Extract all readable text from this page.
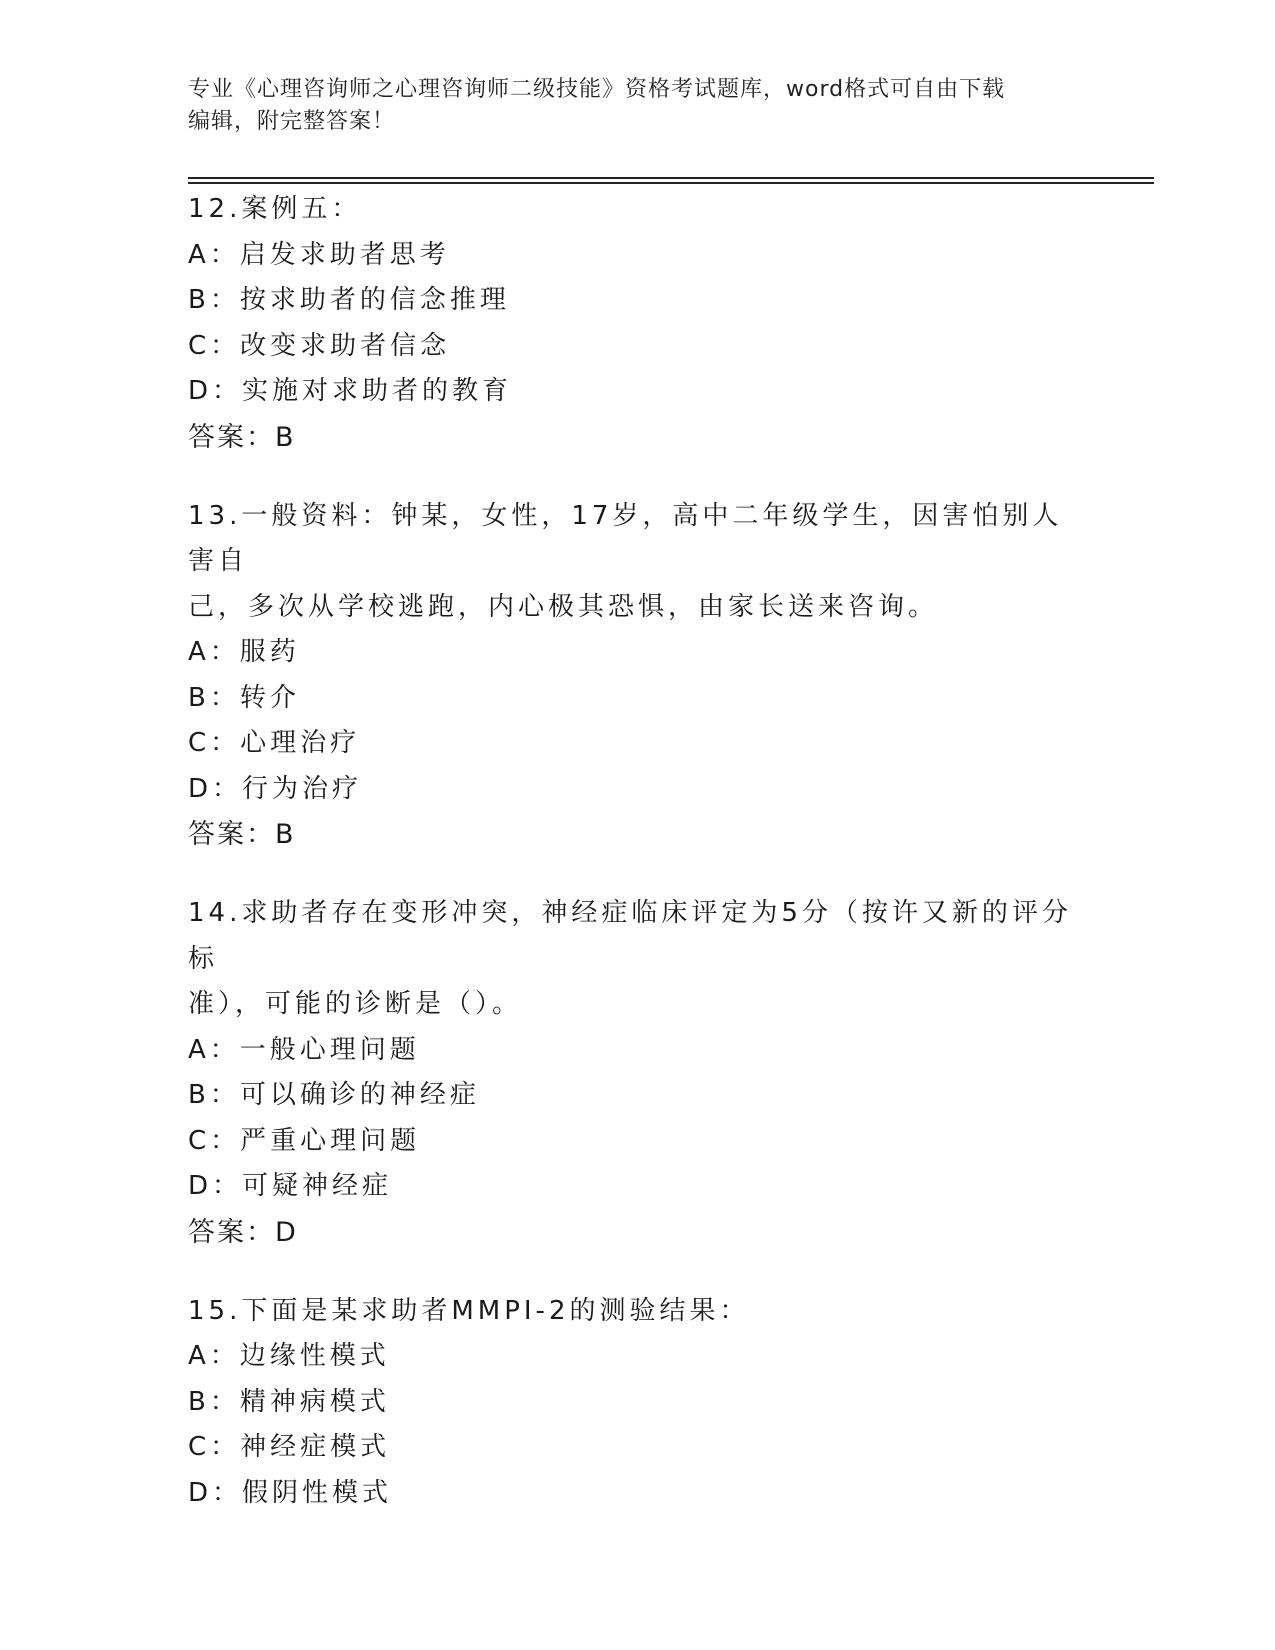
专业《心理咨询师之心理咨询师二级技能》资格考试题库，word格式可自由下载
编辑，附完整答案！
12.案例五：
A：启发求助者思考
B：按求助者的信念推理
C：改变求助者信念
D：实施对求助者的教育
答案：B
13.一般资料：钟某，女性，17岁，高中二年级学生，因害怕别人害自
己，多次从学校逃跑，内心极其恐惧，由家长送来咨询。
A：服药
B：转介
C：心理治疗
D：行为治疗
答案：B
14.求助者存在变形冲突，神经症临床评定为5分（按许又新的评分标
准），可能的诊断是（）。
A：一般心理问题
B：可以确诊的神经症
C：严重心理问题
D：可疑神经症
答案：D
15.下面是某求助者MMPI-2的测验结果：
A：边缘性模式
B：精神病模式
C：神经症模式
D：假阴性模式
